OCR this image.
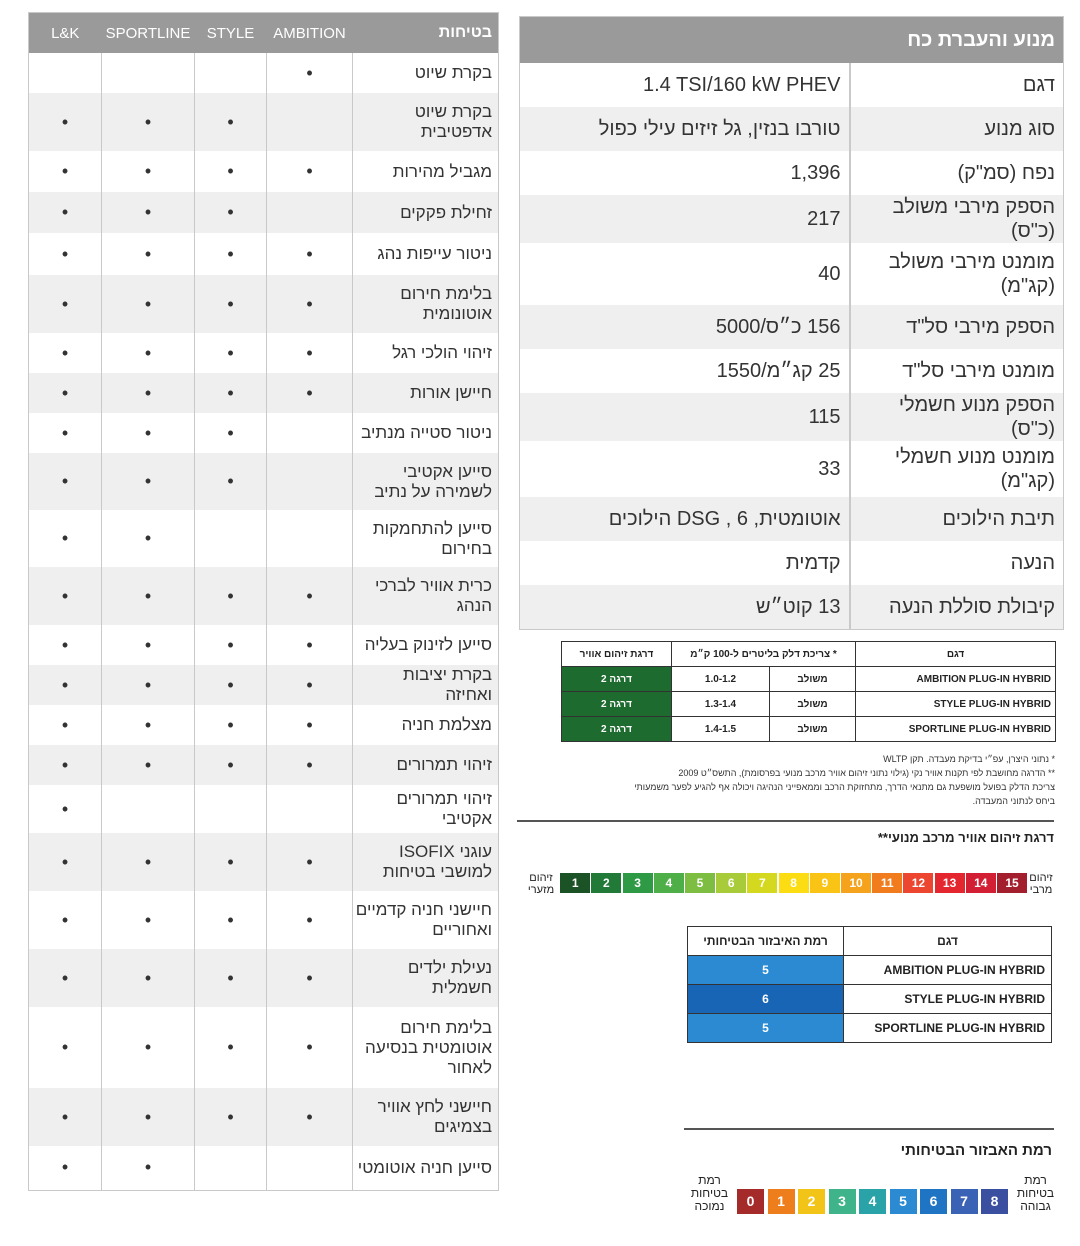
L&K	SPORTLINE	STYLE	AMBITION	בטיחות
			•	בקרת שיוט
•	•	•		בקרת שיוט אדפטיבית
•	•	•	•	מגביל מהירות
•	•	•		זחילת פקקים
•	•	•	•	ניטור עייפות נהג
•	•	•	•	בלימת חירום אוטונומית
•	•	•	•	זיהוי הולכי רגל
•	•	•	•	חיישן אורות
•	•	•		ניטור סטייה מנתיב
•	•	•		סייען אקטיבי לשמירה על נתיב
•	•			סייען להתחמקות בחירום
•	•	•	•	כרית אוויר לברכי הנהג
•	•	•	•	סייען לזינוק בעליה
•	•	•	•	בקרת יציבות ואחיזה
•	•	•	•	מצלמת חניה
•	•	•	•	זיהוי תמרורים
•				זיהוי תמרורים אקטיבי
•	•	•	•	עוגני ISOFIX למושבי בטיחות
•	•	•	•	חיישני חניה קדמיים ואחוריים
•	•	•	•	נעילת ילדים חשמלית
•	•	•	•	בלימת חירום אוטומטית בנסיעה לאחור
•	•	•	•	חיישני לחץ אוויר בצמיגים
•	•			סייען חניה אוטומטי
מנוע והעברת כח	
1.4 TSI/160 kW PHEV	דגם
טורבו בנזין, גל זיזים עילי כפול	סוג מנוע
1,396	נפח (סמ"ק)
217	הספק מירבי משולב (כ"ס)
40	מומנט מירבי משולב (קג"מ)
156 כ״ס/5000	הספק מירבי סל"ד
25 קג״מ/1550	מומנט מירבי סל"ד
115	הספק מנוע חשמלי (כ"ס)
33	מומנט מנוע חשמלי (קג"מ)
אוטומטית, DSG , 6 הילוכים	תיבת הילוכים
קדמית	הנעה
13 קוט״ש	קיבולת סוללת הנעה
דרגת זיהום אוויר	צריכת דלק בליטרים ל-100 ק״מ *		דגם
דרגה 2	1.0-1.2	משולב	AMBITION PLUG-IN HYBRID
דרגה 2	1.3-1.4	משולב	STYLE PLUG-IN HYBRID
דרגה 2	1.4-1.5	משולב	SPORTLINE PLUG-IN HYBRID
* נתוני היצרן, עפ״י בדיקת מעבדה. תקן WLTP
** הדרגה מחושבת לפי תקנות אוויר נקי (גילוי נתוני זיהום אוויר מרכב מנועי בפרסומת), התשס״ט 2009
צריכת הדלק בפועל מושפעת גם מתנאי הדרך, מתחזוקת הרכב וממאפייני הנהיגה ויכולה אף להגיע לפער משמעותי
ביחס לנתוני המעבדה.
דרגת זיהום אוויר מרכב מנועי**
15
14
13
12
11
10
9
8
7
6
5
4
3
2
1	זיהום מרבי
זיהום מזערי
רמת האיבזור הבטיחותי	דגם
5	AMBITION PLUG-IN HYBRID
6	STYLE PLUG-IN HYBRID
5	SPORTLINE PLUG-IN HYBRID
רמת האבזור הבטיחותי
8
7
6
5
4
3
2
1
0
רמת בטיחות גבוהה
רמת בטיחות נמוכה
